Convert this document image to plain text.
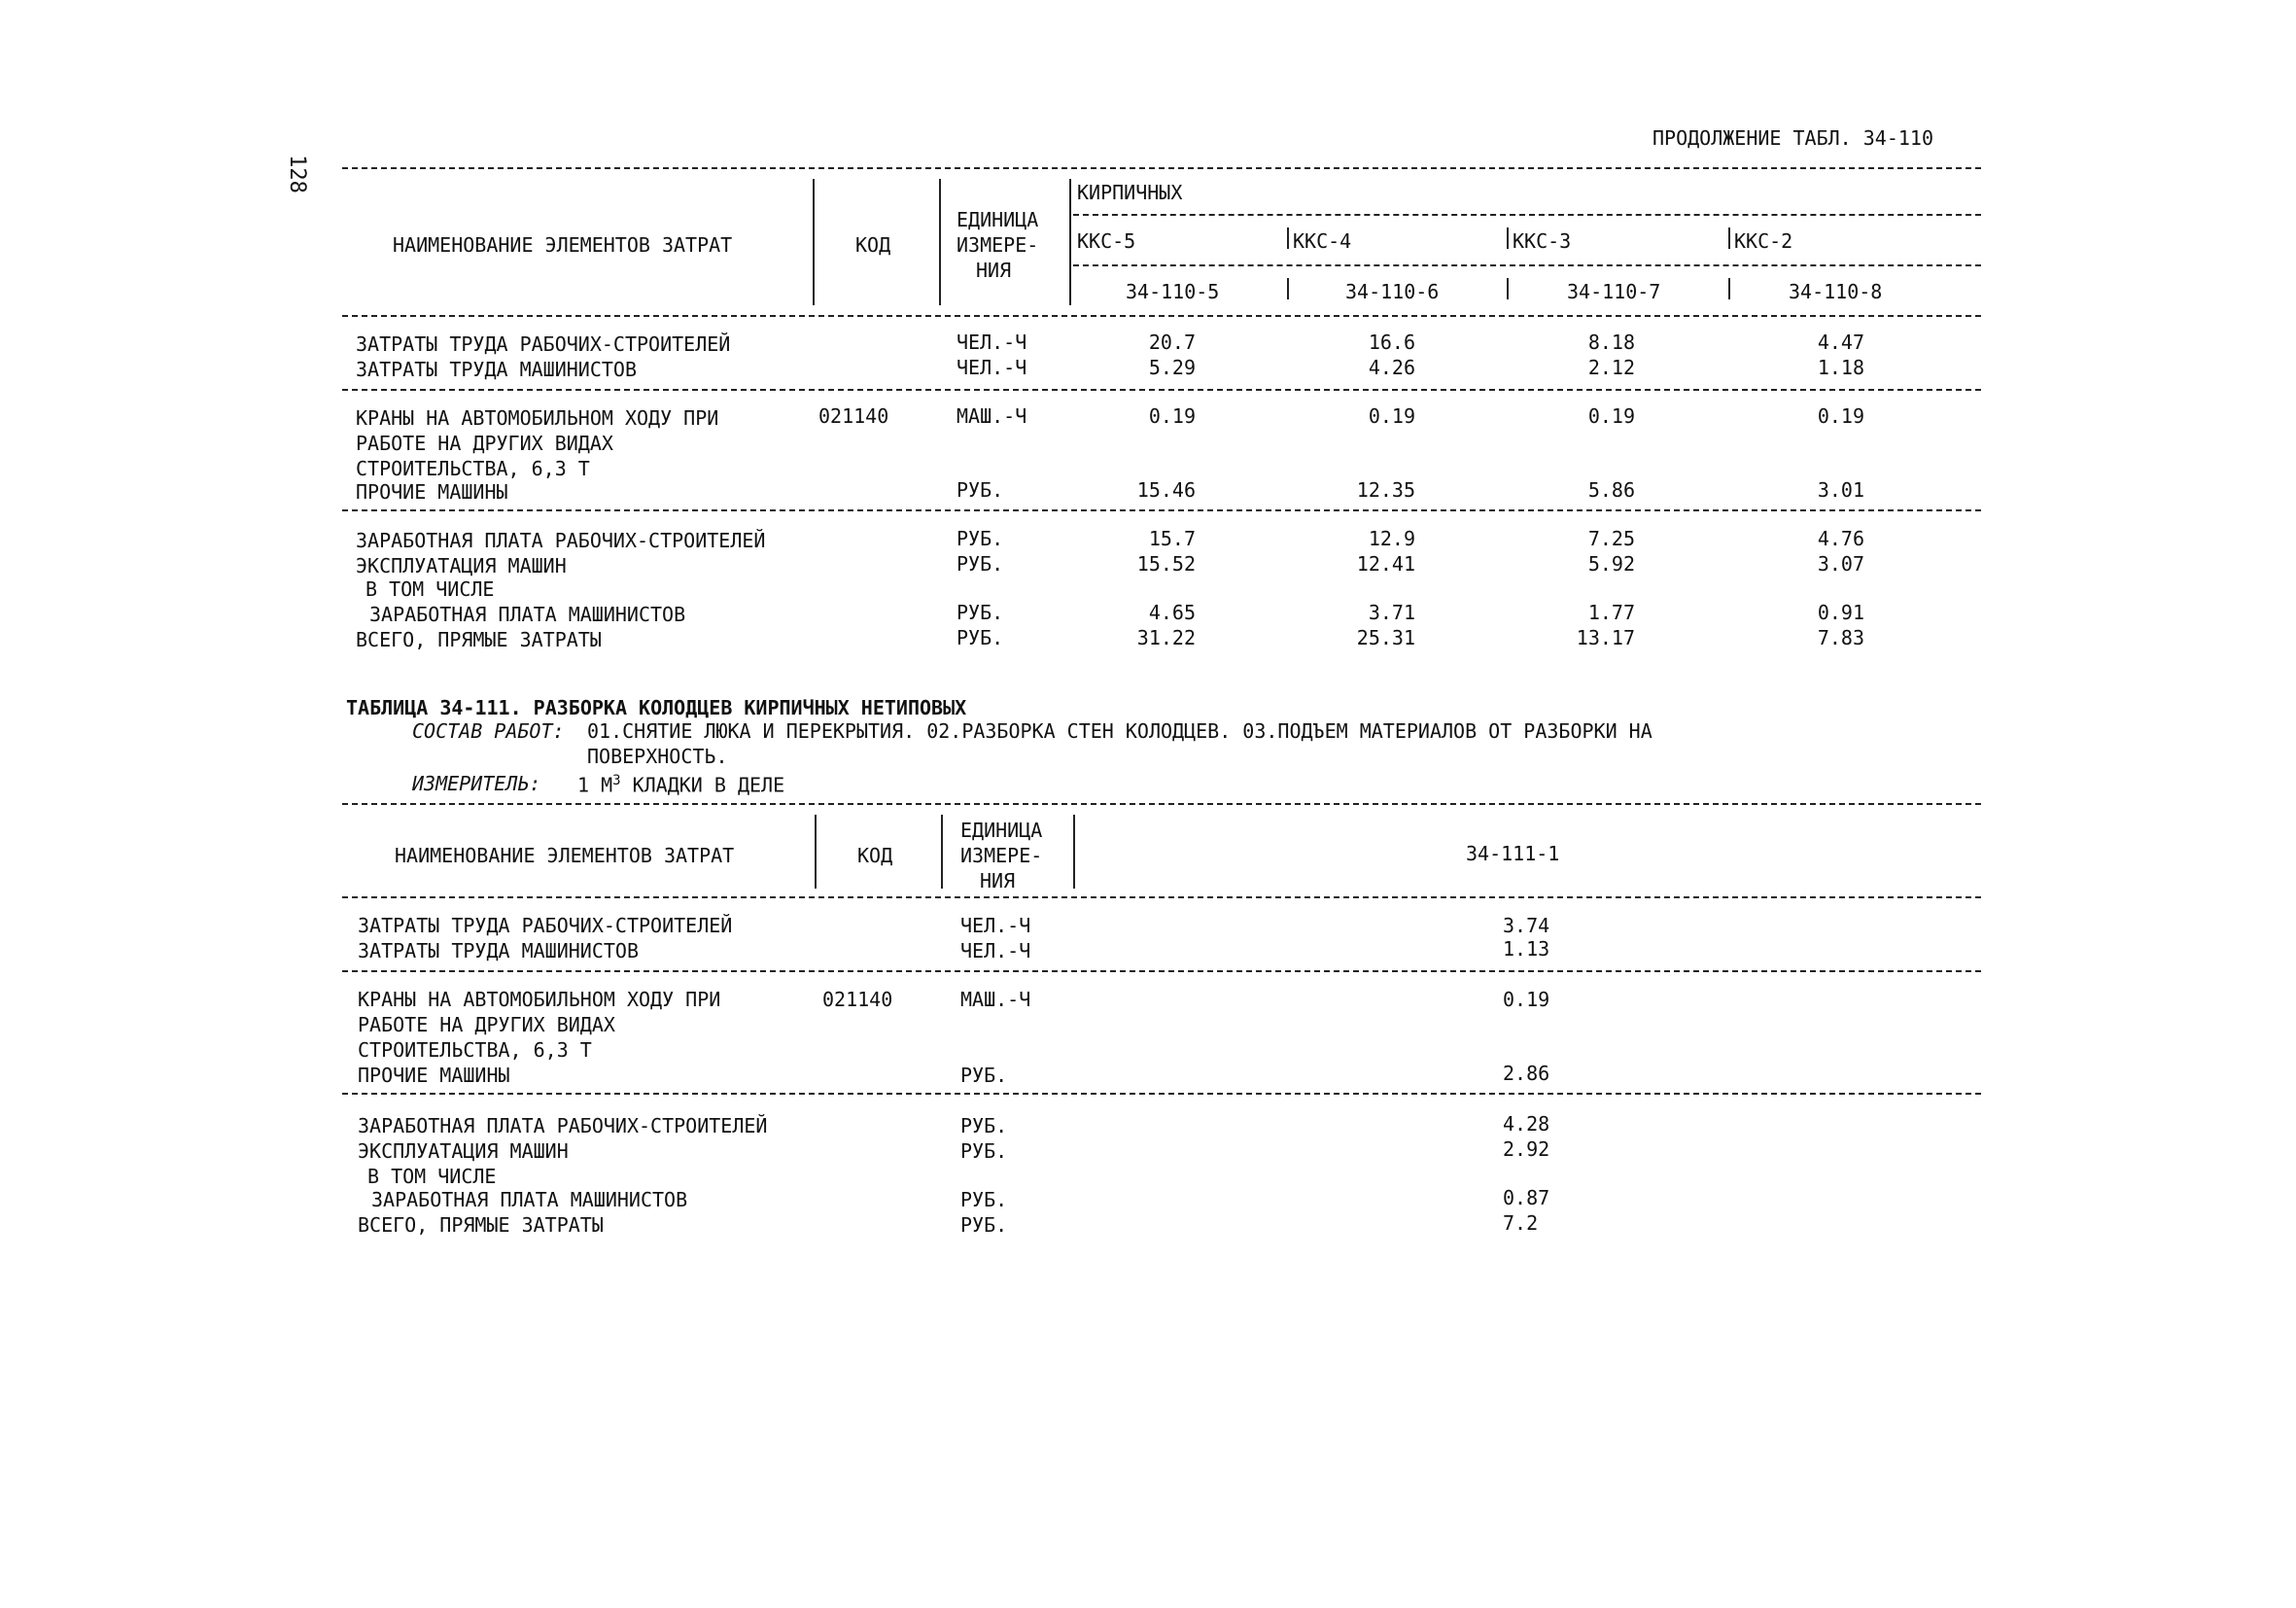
128
ПРОДОЛЖЕНИЕ ТАБЛ. 34-110
НАИМЕНОВАНИЕ ЭЛЕМЕНТОВ ЗАТРАТ	КОД
ЕДИНИЦА
ИЗМЕРЕ-
НИЯ
КИРПИЧНЫХ
ККС-5	ККС-4	ККС-3	ККС-2
34-110-5	34-110-6	34-110-7	34-110-8
ЗАТРАТЫ ТРУДА РАБОЧИХ-СТРОИТЕЛЕЙ	ЧЕЛ.-Ч	20.7	16.6	8.18	4.47
ЗАТРАТЫ ТРУДА МАШИНИСТОВ	ЧЕЛ.-Ч	5.29	4.26	2.12	1.18
КРАНЫ НА АВТОМОБИЛЬНОМ ХОДУ ПРИ
РАБОТЕ НА ДРУГИХ ВИДАХ
СТРОИТЕЛЬСТВА, 6,3 Т
021140	МАШ.-Ч	0.19	0.19	0.19	0.19
ПРОЧИЕ МАШИНЫ	РУБ.	15.46	12.35	5.86	3.01
ЗАРАБОТНАЯ ПЛАТА РАБОЧИХ-СТРОИТЕЛЕЙ	РУБ.	15.7	12.9	7.25	4.76
ЭКСПЛУАТАЦИЯ МАШИН	РУБ.	15.52	12.41	5.92	3.07
В ТОМ ЧИСЛЕ
ЗАРАБОТНАЯ ПЛАТА МАШИНИСТОВ	РУБ.	4.65	3.71	1.77	0.91
ВСЕГО, ПРЯМЫЕ ЗАТРАТЫ	РУБ.	31.22	25.31	13.17	7.83
ТАБЛИЦА 34-111. РАЗБОРКА КОЛОДЦЕВ КИРПИЧНЫХ НЕТИПОВЫХ
СОСТАВ РАБОТ: 01.СНЯТИЕ ЛЮКА И ПЕРЕКРЫТИЯ. 02.РАЗБОРКА СТЕН КОЛОДЦЕВ. 03.ПОДЪЕМ МАТЕРИАЛОВ ОТ РАЗБОРКИ НА
ПОВЕРХНОСТЬ.
ИЗМЕРИТЕЛЬ: 1 $М^3$ КЛАДКИ В ДЕЛЕ
НАИМЕНОВАНИЕ ЭЛЕМЕНТОВ ЗАТРАТ	КОД
ЕДИНИЦА
ИЗМЕРЕ-
НИЯ
34-111-1
ЗАТРАТЫ ТРУДА РАБОЧИХ-СТРОИТЕЛЕЙ	ЧЕЛ.-Ч	3.74
ЗАТРАТЫ ТРУДА МАШИНИСТОВ	ЧЕЛ.-Ч	1.13
КРАНЫ НА АВТОМОБИЛЬНОМ ХОДУ ПРИ
РАБОТЕ НА ДРУГИХ ВИДАХ
СТРОИТЕЛЬСТВА, 6,3 Т
021140	МАШ.-Ч	0.19
ПРОЧИЕ МАШИНЫ	РУБ.	2.86
ЗАРАБОТНАЯ ПЛАТА РАБОЧИХ-СТРОИТЕЛЕЙ	РУБ.	4.28
ЭКСПЛУАТАЦИЯ МАШИН	РУБ.	2.92
В ТОМ ЧИСЛЕ
ЗАРАБОТНАЯ ПЛАТА МАШИНИСТОВ	РУБ.	0.87
ВСЕГО, ПРЯМЫЕ ЗАТРАТЫ	РУБ.	7.2
